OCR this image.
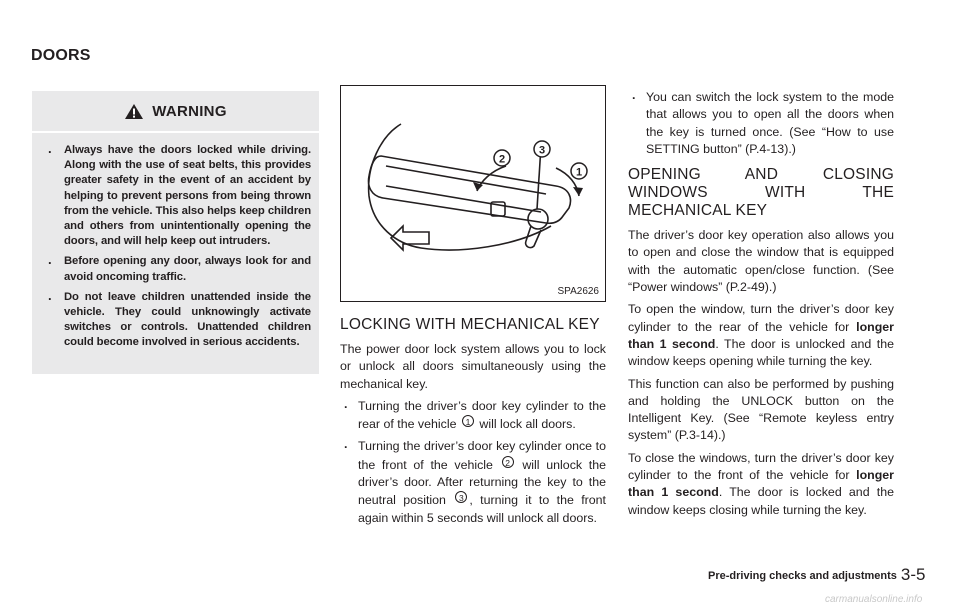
DOORS
WARNING
. Always have the doors locked while driving. Along with the use of seat belts, this provides greater safety in the event of an accident by helping to prevent persons from being thrown from the vehicle. This also helps keep children and others from unintentionally opening the doors, and will help keep out intruders.
. Before opening any door, always look for and avoid oncoming traffic.
. Do not leave children unattended inside the vehicle. They could unknowingly activate switches or controls. Unattended children could become involved in serious accidents.
2
3
1
SPA2626
LOCKING WITH MECHANICAL KEY

The power door lock system allows you to lock or unlock all doors simultaneously using the mechanical key.

. Turning the driver’s door key cylinder to the rear of the vehicle 1 will lock all doors.
. Turning the driver’s door key cylinder once to the front of the vehicle 2 will unlock the driver’s door. After returning the key to the neutral position 3 , turning it to the front again within 5 seconds will unlock all doors.
. You can switch the lock system to the mode that allows you to open all the doors when the key is turned once. (See “How to use SETTING button” (P.4-13).)
OPENING AND CLOSING WINDOWS WITH THE MECHANICAL KEY

The driver’s door key operation also allows you to open and close the window that is equipped with the automatic open/close function. (See “Power windows” (P.2-49).)

To open the window, turn the driver’s door key cylinder to the rear of the vehicle for longer than 1 second. The door is unlocked and the window keeps opening while turning the key.

This function can also be performed by pushing and holding the UNLOCK button on the Intelligent Key. (See “Remote keyless entry system” (P.3-14).)

To close the windows, turn the driver’s door key cylinder to the front of the vehicle for longer than 1 second. The door is locked and the window keeps closing while turning the key.

Pre-driving checks and adjustments 3-5
carmanualsonline.info
